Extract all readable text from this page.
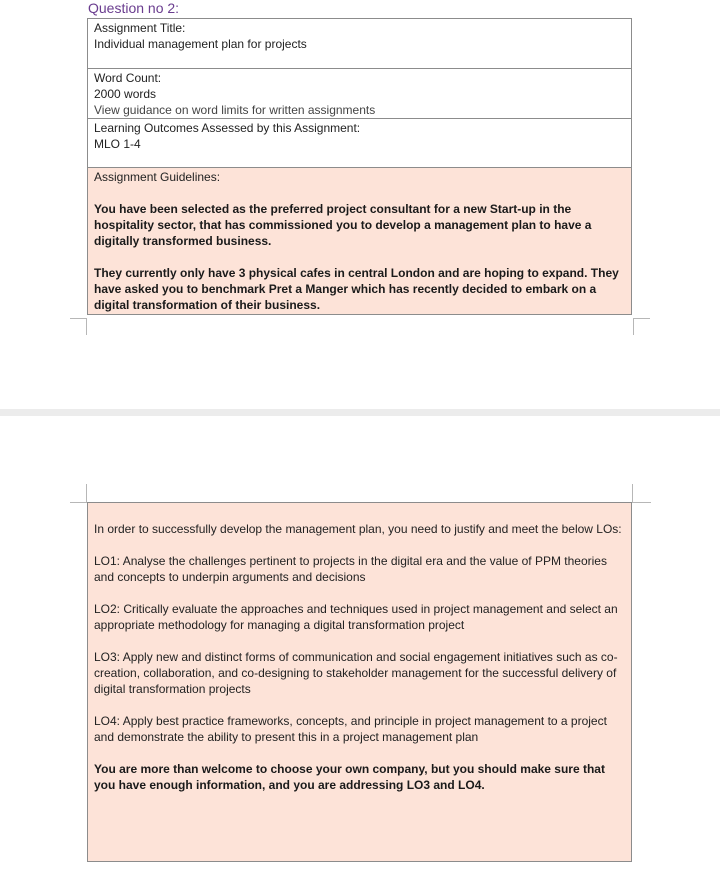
Question no 2:

Assignment Title:

Individual management plan for projects

Word Count:

2000 words

View guidance on word limits for written assignments

Learning Outcomes Assessed by this Assignment:

MLO 1-4

Assignment Guidelines:

You have been selected as the preferred project consultant for a new Start-up in the hospitality sector, that has commissioned you to develop a management plan to have a digitally transformed business.

They currently only have 3 physical cafes in central London and are hoping to expand. They have asked you to benchmark Pret a Manger which has recently decided to embark on a digital transformation of their business.

In order to successfully develop the management plan, you need to justify and meet the below LOs:

LO1: Analyse the challenges pertinent to projects in the digital era and the value of PPM theories and concepts to underpin arguments and decisions

LO2: Critically evaluate the approaches and techniques used in project management and select an appropriate methodology for managing a digital transformation project

LO3: Apply new and distinct forms of communication and social engagement initiatives such as co-creation, collaboration, and co-designing to stakeholder management for the successful delivery of digital transformation projects

LO4: Apply best practice frameworks, concepts, and principle in project management to a project and demonstrate the ability to present this in a project management plan

You are more than welcome to choose your own company, but you should make sure that you have enough information, and you are addressing LO3 and LO4.
